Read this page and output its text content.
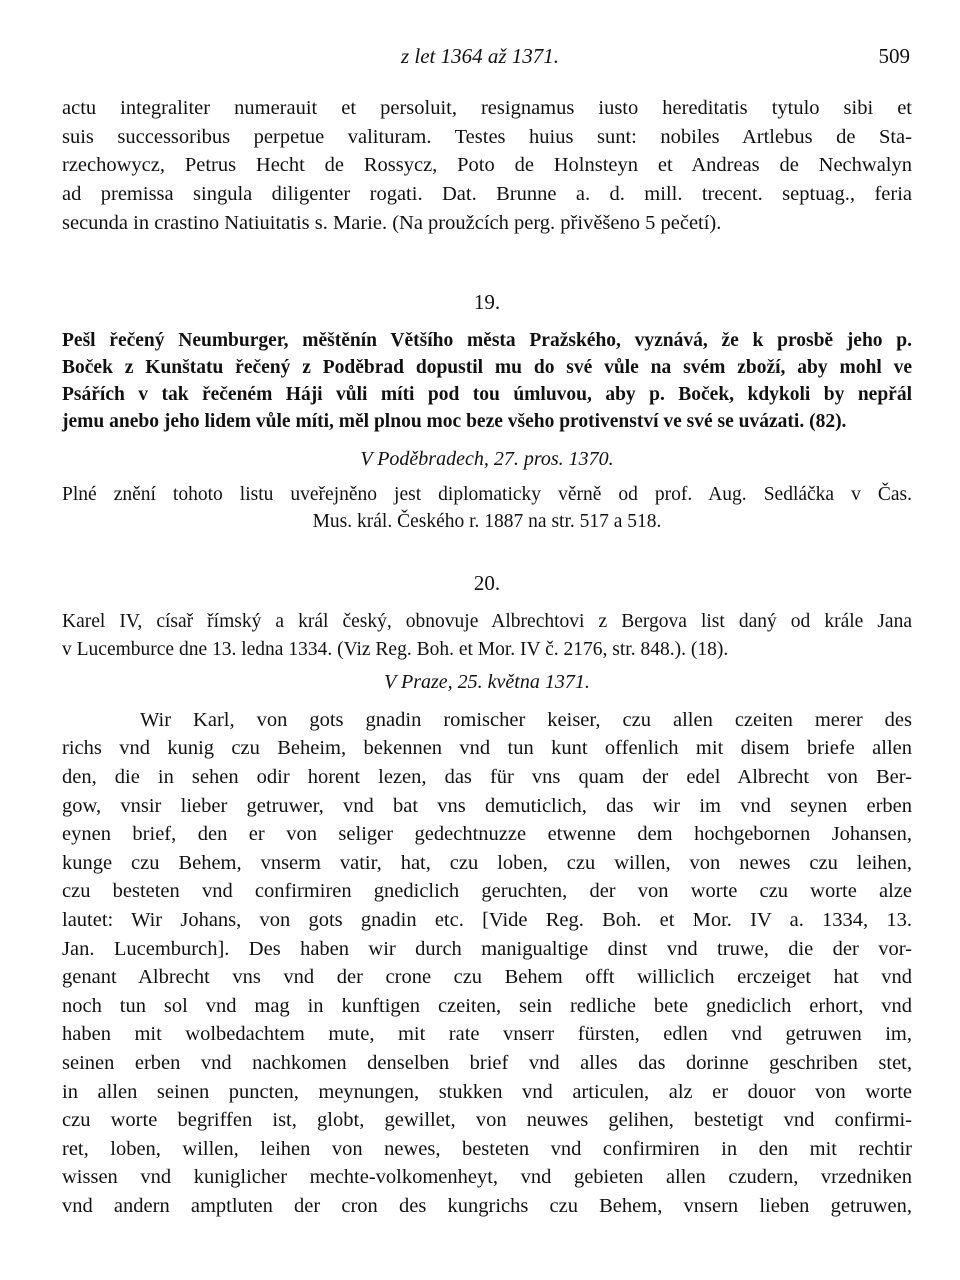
z let 1364 až 1371.	509
actu integraliter numerauit et persoluit, resignamus iusto hereditatis tytulo sibi et
suis successoribus perpetue valituram. Testes huius sunt: nobiles Artlebus de Sta-
rzechowycz, Petrus Hecht de Rossycz, Poto de Holnsteyn et Andreas de Nechwalyn
ad premissa singula diligenter rogati. Dat. Brunne a. d. mill. trecent. septuag., feria
secunda in crastino Natiuitatis s. Marie. (Na proužcích perg. přivěšeno 5 pečetí).

19.

Pešl řečený Neumburger, měštěnín Většího města Pražského, vyznává, že k prosbě jeho p.
Boček z Kunštatu řečený z Poděbrad dopustil mu do své vůle na svém zboží, aby mohl ve
Psářích v tak řečeném Háji vůli míti pod tou úmluvou, aby p. Boček, kdykoli by nepřál
jemu anebo jeho lidem vůle míti, měl plnou moc beze všeho protivenství ve své se uvázati. (82).

V Poděbradech, 27. pros. 1370.

Plné znění tohoto listu uveřejněno jest diplomaticky věrně od prof. Aug. Sedláčka v Čas.
Mus. král. Českého r. 1887 na str. 517 a 518.

20.

Karel IV, císař římský a král český, obnovuje Albrechtovi z Bergova list daný od krále Jana
v Lucemburce dne 13. ledna 1334. (Viz Reg. Boh. et Mor. IV č. 2176, str. 848.). (18).

V Praze, 25. května 1371.

Wir Karl, von gots gnadin romischer keiser, czu allen czeiten merer des
richs vnd kunig czu Beheim, bekennen vnd tun kunt offenlich mit disem briefe allen
den, die in sehen odir horent lezen, das für vns quam der edel Albrecht von Ber-
gow, vnsir lieber getruwer, vnd bat vns demuticlich, das wir im vnd seynen erben
eynen brief, den er von seliger gedechtnuzze etwenne dem hochgebornen Johansen,
kunge czu Behem, vnserm vatir, hat, czu loben, czu willen, von newes czu leihen,
czu besteten vnd confirmiren gnediclich geruchten, der von worte czu worte alze
lautet: Wir Johans, von gots gnadin etc. [Vide Reg. Boh. et Mor. IV a. 1334, 13.
Jan. Lucemburch]. Des haben wir durch manigualtige dinst vnd truwe, die der vor-
genant Albrecht vns vnd der crone czu Behem offt williclich erczeiget hat vnd
noch tun sol vnd mag in kunftigen czeiten, sein redliche bete gnediclich erhort, vnd
haben mit wolbedachtem mute, mit rate vnserr fürsten, edlen vnd getruwen im,
seinen erben vnd nachkomen denselben brief vnd alles das dorinne geschriben stet,
in allen seinen puncten, meynungen, stukken vnd articulen, alz er douor von worte
czu worte begriffen ist, globt, gewillet, von neuwes gelihen, bestetigt vnd confirmi-
ret, loben, willen, leihen von newes, besteten vnd confirmiren in den mit rechtir
wissen vnd kuniglicher mechte-volkomenheyt, vnd gebieten allen czudern, vrzedniken
vnd andern amptluten der cron des kungrichs czu Behem, vnsern lieben getruwen,
